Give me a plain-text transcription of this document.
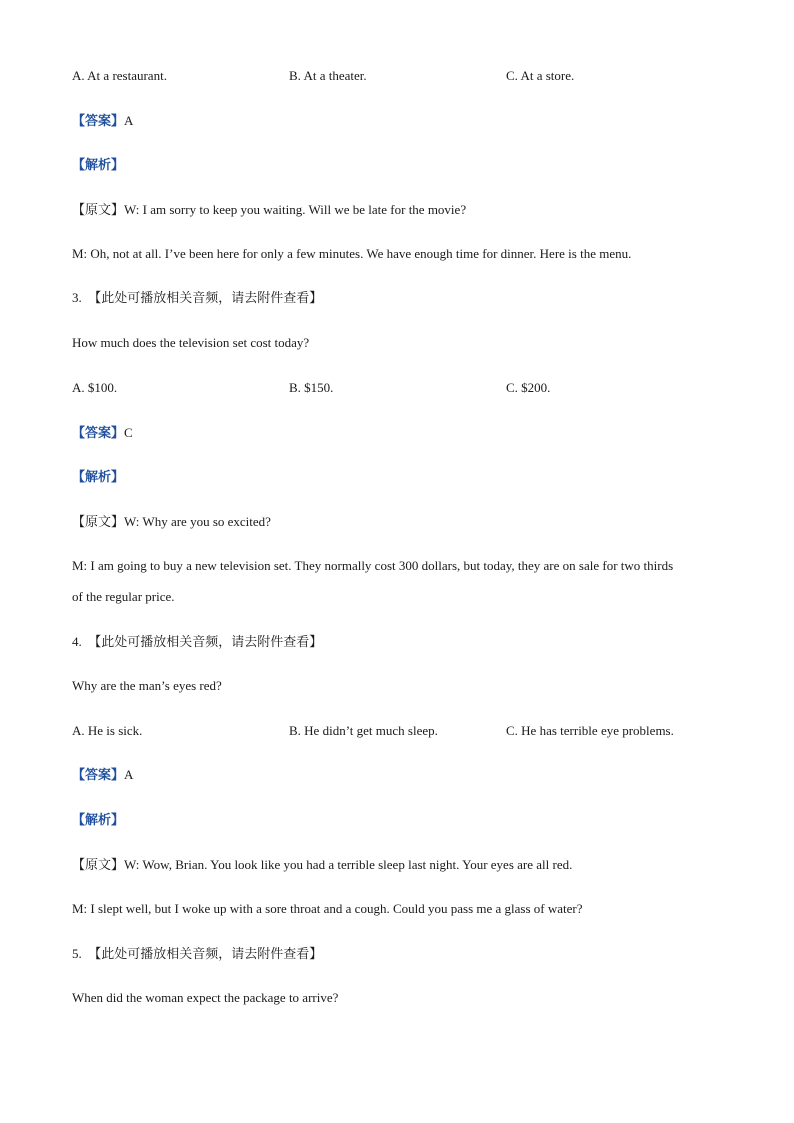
A. At a restaurant.	B. At a theater.	C. At a store.
【答案】A
【解析】
【原文】W: I am sorry to keep you waiting. Will we be late for the movie?
M: Oh, not at all. I’ve been here for only a few minutes. We have enough time for dinner. Here is the menu.
3. 【此处可播放相关音频，请去附件查看】
How much does the television set cost today?
A. $100.	B. $150.	C. $200.
【答案】C
【解析】
【原文】W: Why are you so excited?
M: I am going to buy a new television set. They normally cost 300 dollars, but today, they are on sale for two thirds
of the regular price.
4. 【此处可播放相关音频，请去附件查看】
Why are the man’s eyes red?
A. He is sick.	B. He didn’t get much sleep.	C. He has terrible eye problems.
【答案】A
【解析】
【原文】W: Wow, Brian. You look like you had a terrible sleep last night. Your eyes are all red.
M: I slept well, but I woke up with a sore throat and a cough. Could you pass me a glass of water?
5. 【此处可播放相关音频，请去附件查看】
When did the woman expect the package to arrive?
